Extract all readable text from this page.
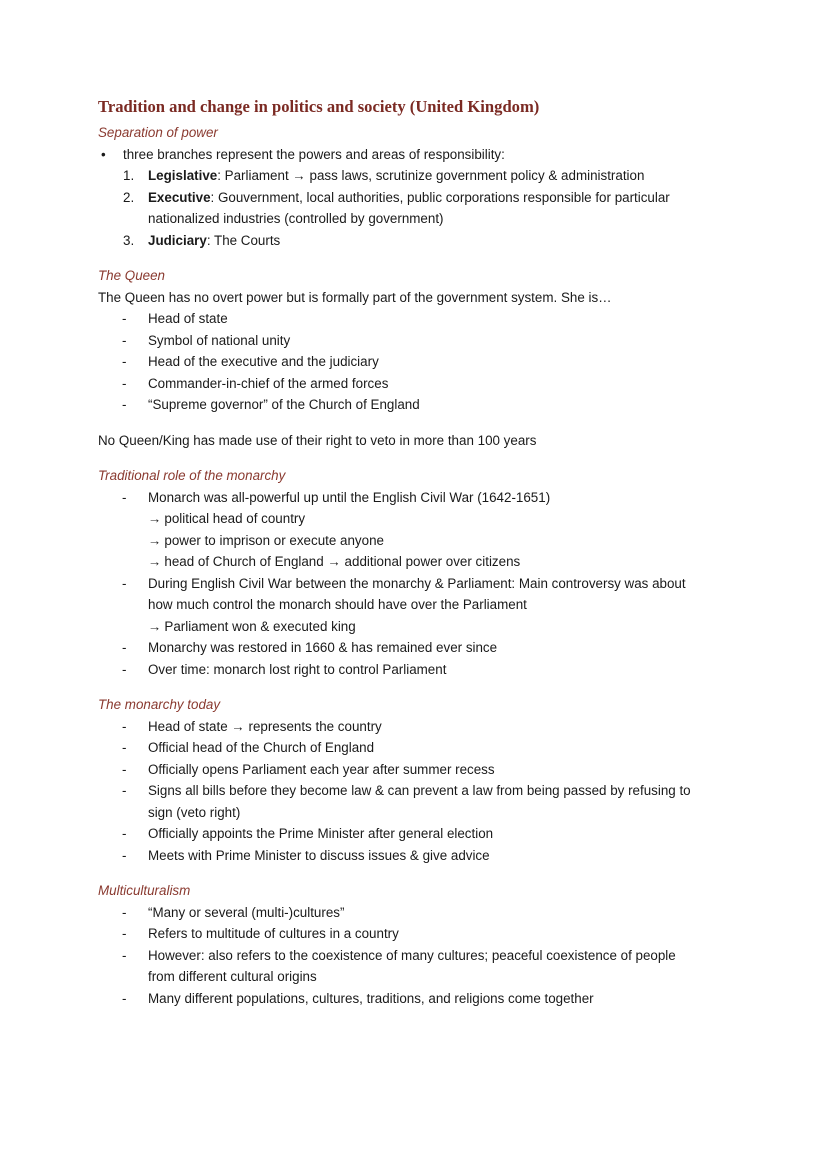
Tradition and change in politics and society (United Kingdom)
Separation of power
• three branches represent the powers and areas of responsibility:
1. Legislative: Parliament → pass laws, scrutinize government policy & administration
2. Executive: Gouvernment, local authorities, public corporations responsible for particular
nationalized industries (controlled by government)
3. Judiciary: The Courts
The Queen
The Queen has no overt power but is formally part of the government system. She is…
- Head of state
- Symbol of national unity
- Head of the executive and the judiciary
- Commander-in-chief of the armed forces
- “Supreme governor” of the Church of England
No Queen/King has made use of their right to veto in more than 100 years
Traditional role of the monarchy
- Monarch was all-powerful up until the English Civil War (1642-1651)
→ political head of country
→ power to imprison or execute anyone
→ head of Church of England → additional power over citizens
- During English Civil War between the monarchy & Parliament: Main controversy was about
how much control the monarch should have over the Parliament
→ Parliament won & executed king
- Monarchy was restored in 1660 & has remained ever since
- Over time: monarch lost right to control Parliament
The monarchy today
- Head of state → represents the country
- Official head of the Church of England
- Officially opens Parliament each year after summer recess
- Signs all bills before they become law & can prevent a law from being passed by refusing to
sign (veto right)
- Officially appoints the Prime Minister after general election
- Meets with Prime Minister to discuss issues & give advice
Multiculturalism
- “Many or several (multi-)cultures”
- Refers to multitude of cultures in a country
- However: also refers to the coexistence of many cultures; peaceful coexistence of people
from different cultural origins
- Many different populations, cultures, traditions, and religions come together
